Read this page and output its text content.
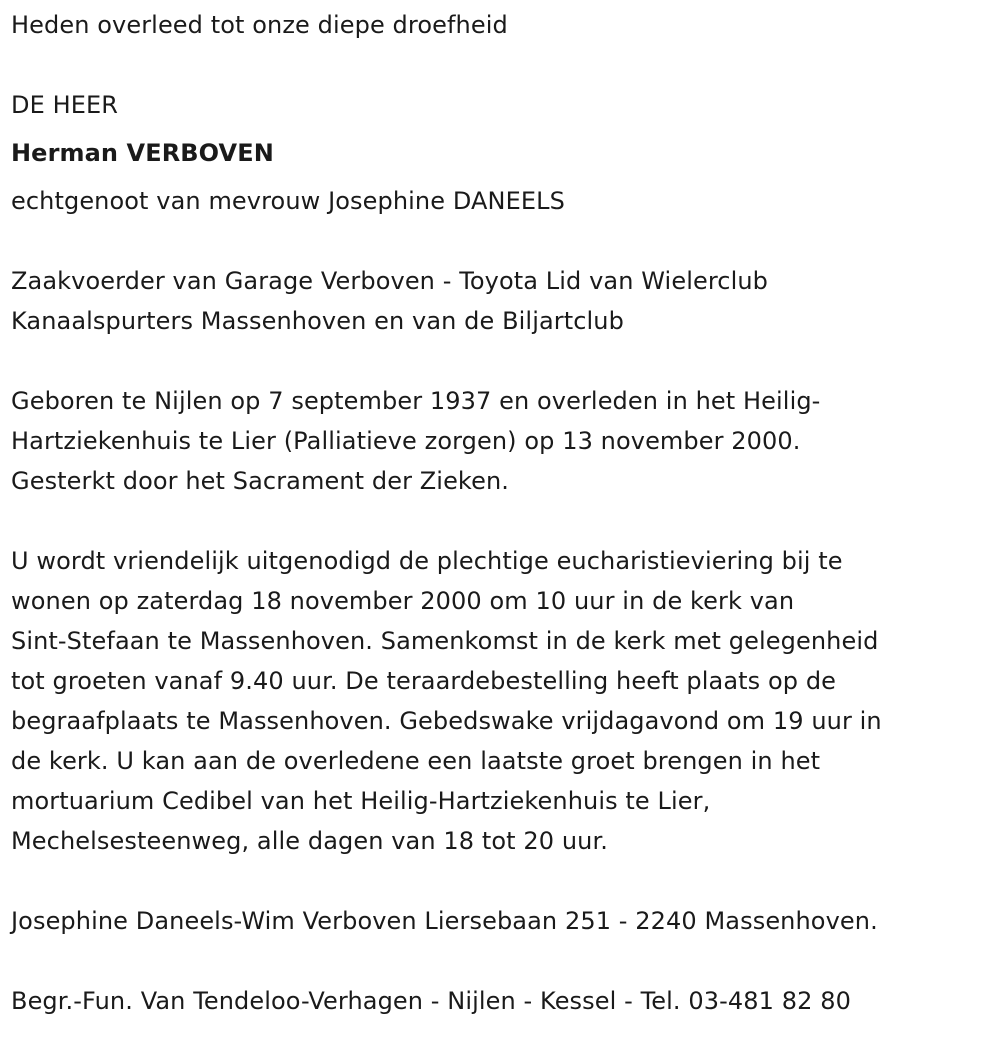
Heden overleed tot onze diepe droefheid
DE HEER
Herman VERBOVEN
echtgenoot van mevrouw Josephine DANEELS
Zaakvoerder van Garage Verboven - Toyota Lid van Wielerclub
Kanaalspurters Massenhoven en van de Biljartclub
Geboren te Nijlen op 7 september 1937 en overleden in het Heilig-
Hartziekenhuis te Lier (Palliatieve zorgen) op 13 november 2000.
Gesterkt door het Sacrament der Zieken.
U wordt vriendelijk uitgenodigd de plechtige eucharistieviering bij te
wonen op zaterdag 18 november 2000 om 10 uur in de kerk van
Sint-Stefaan te Massenhoven. Samenkomst in de kerk met gelegenheid
tot groeten vanaf 9.40 uur. De teraardebestelling heeft plaats op de
begraafplaats te Massenhoven. Gebedswake vrijdagavond om 19 uur in
de kerk. U kan aan de overledene een laatste groet brengen in het
mortuarium Cedibel van het Heilig-Hartziekenhuis te Lier,
Mechelsesteenweg, alle dagen van 18 tot 20 uur.
Josephine Daneels-Wim Verboven Liersebaan 251 - 2240 Massenhoven.
Begr.-Fun. Van Tendeloo-Verhagen - Nijlen - Kessel - Tel. 03-481 82 80
